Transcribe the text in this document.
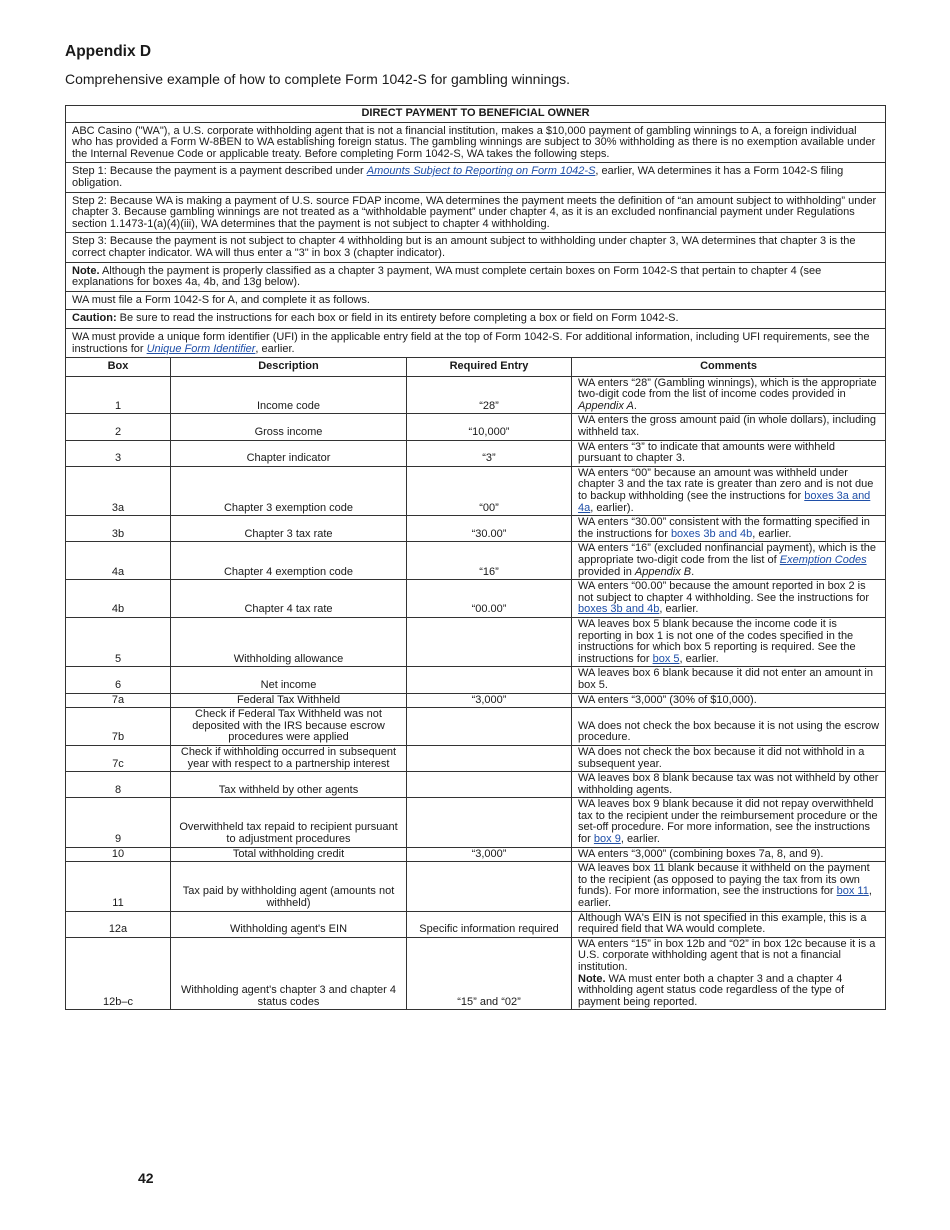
Appendix D

Comprehensive example of how to complete Form 1042-S for gambling winnings.

DIRECT PAYMENT TO BENEFICIAL OWNER			
ABC Casino ("WA"), a U.S. corporate withholding agent that is not a financial institution, makes a $10,000 payment of gambling winnings to A, a foreign individual who has provided a Form W-8BEN to WA establishing foreign status. The gambling winnings are subject to 30% withholding as there is no exemption available under the Internal Revenue Code or applicable treaty. Before completing Form 1042-S, WA takes the following steps.			
Step 1: Because the payment is a payment described under Amounts Subject to Reporting on Form 1042-S, earlier, WA determines it has a Form 1042-S filing obligation.			
Step 2: Because WA is making a payment of U.S. source FDAP income, WA determines the payment meets the definition of “an amount subject to withholding” under chapter 3. Because gambling winnings are not treated as a “withholdable payment” under chapter 4, as it is an excluded nonfinancial payment under Regulations section 1.1473-1(a)(4)(iii), WA determines that the payment is not subject to chapter 4 withholding.			
Step 3: Because the payment is not subject to chapter 4 withholding but is an amount subject to withholding under chapter 3, WA determines that chapter 3 is the correct chapter indicator. WA will thus enter a "3" in box 3 (chapter indicator).			
Note. Although the payment is properly classified as a chapter 3 payment, WA must complete certain boxes on Form 1042-S that pertain to chapter 4 (see explanations for boxes 4a, 4b, and 13g below).			
WA must file a Form 1042-S for A, and complete it as follows.			
Caution: Be sure to read the instructions for each box or field in its entirety before completing a box or field on Form 1042-S.			
WA must provide a unique form identifier (UFI) in the applicable entry field at the top of Form 1042-S. For additional information, including UFI requirements, see the instructions for Unique Form Identifier, earlier.			
Box	Description	Required Entry	Comments
1	Income code	“28”	WA enters “28” (Gambling winnings), which is the appropriate two-digit code from the list of income codes provided in Appendix A.
2	Gross income	“10,000”	WA enters the gross amount paid (in whole dollars), including withheld tax.
3	Chapter indicator	“3”	WA enters “3” to indicate that amounts were withheld pursuant to chapter 3.
3a	Chapter 3 exemption code	“00”	WA enters “00” because an amount was withheld under chapter 3 and the tax rate is greater than zero and is not due to backup withholding (see the instructions for boxes 3a and 4a, earlier).
3b	Chapter 3 tax rate	“30.00”	WA enters “30.00” consistent with the formatting specified in the instructions for boxes 3b and 4b, earlier.
4a	Chapter 4 exemption code	“16”	WA enters “16” (excluded nonfinancial payment), which is the appropriate two-digit code from the list of Exemption Codes provided in Appendix B.
4b	Chapter 4 tax rate	“00.00”	WA enters “00.00” because the amount reported in box 2 is not subject to chapter 4 withholding. See the instructions for boxes 3b and 4b, earlier.
5	Withholding allowance		WA leaves box 5 blank because the income code it is reporting in box 1 is not one of the codes specified in the instructions for which box 5 reporting is required. See the instructions for box 5, earlier.
6	Net income		WA leaves box 6 blank because it did not enter an amount in box 5.
7a	Federal Tax Withheld	“3,000”	WA enters “3,000” (30% of $10,000).
7b	Check if Federal Tax Withheld was not deposited with the IRS because escrow procedures were applied		WA does not check the box because it is not using the escrow procedure.
7c	Check if withholding occurred in subsequent year with respect to a partnership interest		WA does not check the box because it did not withhold in a subsequent year.
8	Tax withheld by other agents		WA leaves box 8 blank because tax was not withheld by other withholding agents.
9	Overwithheld tax repaid to recipient pursuant to adjustment procedures		WA leaves box 9 blank because it did not repay overwithheld tax to the recipient under the reimbursement procedure or the set-off procedure. For more information, see the instructions for box 9, earlier.
10	Total withholding credit	“3,000”	WA enters “3,000” (combining boxes 7a, 8, and 9).
11	Tax paid by withholding agent (amounts not withheld)		WA leaves box 11 blank because it withheld on the payment to the recipient (as opposed to paying the tax from its own funds). For more information, see the instructions for box 11, earlier.
12a	Withholding agent's EIN	Specific information required	Although WA's EIN is not specified in this example, this is a required field that WA would complete.
12b–c	Withholding agent's chapter 3 and chapter 4 status codes	“15” and “02”	WA enters “15” in box 12b and “02” in box 12c because it is a U.S. corporate withholding agent that is not a financial institution.
Note. WA must enter both a chapter 3 and a chapter 4 withholding agent status code regardless of the type of payment being reported.

42
